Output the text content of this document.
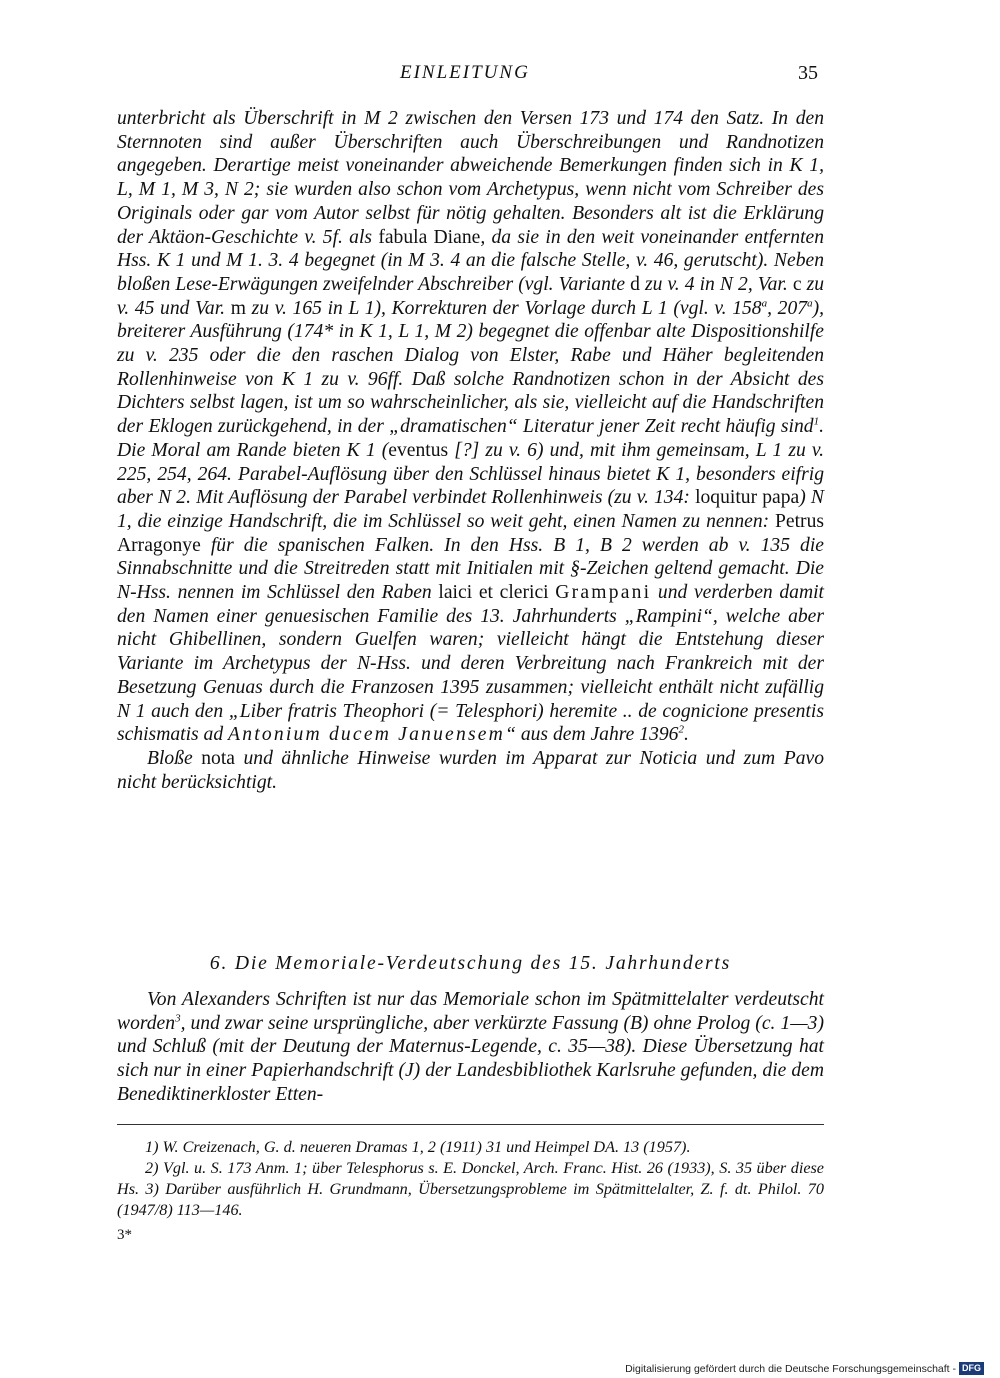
EINLEITUNG	35

unterbricht als Überschrift in M 2 zwischen den Versen 173 und 174 den Satz. In den Sternnoten sind außer Überschriften auch Überschreibungen und Randnotizen angegeben. Derartige meist voneinander abweichende Bemerkungen finden sich in K 1, L, M 1, M 3, N 2; sie wurden also schon vom Archetypus, wenn nicht vom Schreiber des Originals oder gar vom Autor selbst für nötig gehalten. Besonders alt ist die Erklärung der Aktäon-Geschichte v. 5f. als fabula Diane, da sie in den weit voneinander entfernten Hss. K 1 und M 1. 3. 4 begegnet (in M 3. 4 an die falsche Stelle, v. 46, gerutscht). Neben bloßen Lese-Erwägungen zweifelnder Abschreiber (vgl. Variante d zu v. 4 in N 2, Var. c zu v. 45 und Var. m zu v. 165 in L 1), Korrekturen der Vorlage durch L 1 (vgl. v. 158$^a$, 207$^a$), breiterer Ausführung (174* in K 1, L 1, M 2) begegnet die offenbar alte Dispositionshilfe zu v. 235 oder die den raschen Dialog von Elster, Rabe und Häher begleitenden Rollenhinweise von K 1 zu v. 96ff. Daß solche Randnotizen schon in der Absicht des Dichters selbst lagen, ist um so wahrscheinlicher, als sie, vielleicht auf die Handschriften der Eklogen zurückgehend, in der „dramatischen“ Literatur jener Zeit recht häufig sind$^1$. Die Moral am Rande bieten K 1 (eventus [?] zu v. 6) und, mit ihm gemeinsam, L 1 zu v. 225, 254, 264. Parabel-Auflösung über den Schlüssel hinaus bietet K 1, besonders eifrig aber N 2. Mit Auflösung der Parabel verbindet Rollenhinweis (zu v. 134: loquitur papa) N 1, die einzige Handschrift, die im Schlüssel so weit geht, einen Namen zu nennen: Petrus Arragonye für die spanischen Falken. In den Hss. B 1, B 2 werden ab v. 135 die Sinnabschnitte und die Streitreden statt mit Initialen mit §-Zeichen geltend gemacht. Die N-Hss. nennen im Schlüssel den Raben laici et clerici Grampani und verderben damit den Namen einer genuesischen Familie des 13. Jahrhunderts „Rampini“, welche aber nicht Ghibellinen, sondern Guelfen waren; vielleicht hängt die Entstehung dieser Variante im Archetypus der N-Hss. und deren Verbreitung nach Frankreich mit der Besetzung Genuas durch die Franzosen 1395 zusammen; vielleicht enthält nicht zufällig N 1 auch den „Liber fratris Theophori (= Telesphori) heremite .. de cognicione presentis schismatis ad Antonium ducem Januensem“ aus dem Jahre 1396$^2$.

Bloße nota und ähnliche Hinweise wurden im Apparat zur Noticia und zum Pavo nicht berücksichtigt.

6. Die Memoriale-Verdeutschung des 15. Jahrhunderts

Von Alexanders Schriften ist nur das Memoriale schon im Spätmittelalter verdeutscht worden$^3$, und zwar seine ursprüngliche, aber verkürzte Fassung (B) ohne Prolog (c. 1—3) und Schluß (mit der Deutung der Maternus-Legende, c. 35—38). Diese Übersetzung hat sich nur in einer Papierhandschrift (J) der Landesbibliothek Karlsruhe gefunden, die dem Benediktinerkloster Etten-

1) W. Creizenach, G. d. neueren Dramas 1, 2 (1911) 31 und Heimpel DA. 13 (1957).

2) Vgl. u. S. 173 Anm. 1; über Telesphorus s. E. Donckel, Arch. Franc. Hist. 26 (1933), S. 35 über diese Hs. 3) Darüber ausführlich H. Grundmann, Übersetzungsprobleme im Spätmittelalter, Z. f. dt. Philol. 70 (1947/8) 113—146.

3*
Digitalisierung gefördert durch die Deutsche Forschungsgemeinschaft - DFG
